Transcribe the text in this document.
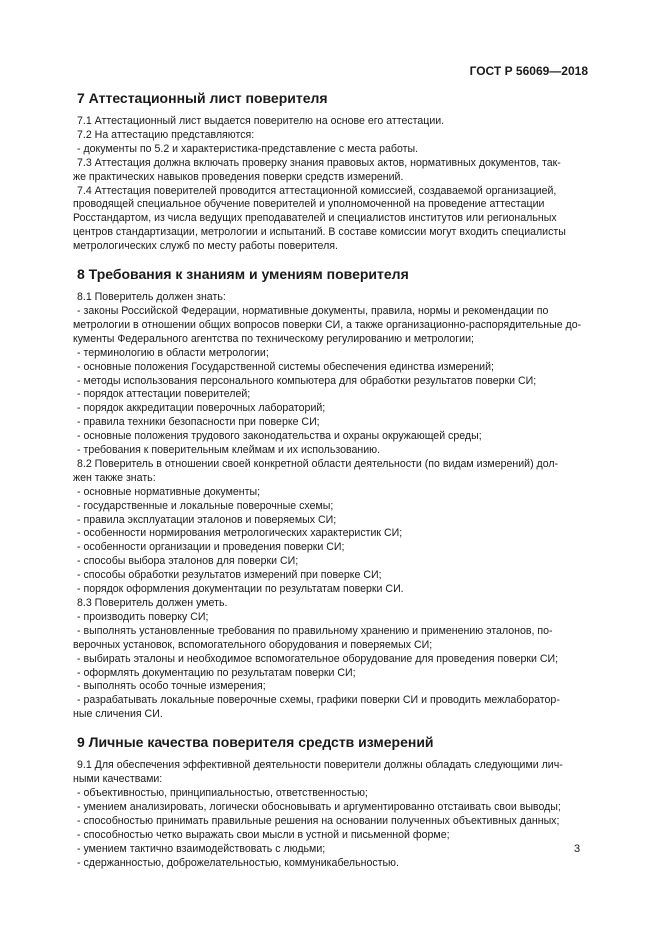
ГОСТ Р 56069—2018
7 Аттестационный лист поверителя
7.1 Аттестационный лист выдается поверителю на основе его аттестации.
7.2 На аттестацию представляются:
- документы по 5.2 и характеристика-представление с места работы.
7.3 Аттестация должна включать проверку знания правовых актов, нормативных документов, так-
же практических навыков проведения поверки средств измерений.
7.4 Аттестация поверителей проводится аттестационной комиссией, создаваемой организацией,
проводящей специальное обучение поверителей и уполномоченной на проведение аттестации
Росстандартом, из числа ведущих преподавателей и специалистов институтов или региональных
центров стандартизации, метрологии и испытаний. В составе комиссии могут входить специалисты
метрологических служб по месту работы поверителя.
8 Требования к знаниям и умениям поверителя
8.1 Поверитель должен знать:
- законы Российской Федерации, нормативные документы, правила, нормы и рекомендации по
метрологии в отношении общих вопросов поверки СИ, а также организационно-распорядительные до-
кументы Федерального агентства по техническому регулированию и метрологии;
- терминологию в области метрологии;
- основные положения Государственной системы обеспечения единства измерений;
- методы использования персонального компьютера для обработки результатов поверки СИ;
- порядок аттестации поверителей;
- порядок аккредитации поверочных лабораторий;
- правила техники безопасности при поверке СИ;
- основные положения трудового законодательства и охраны окружающей среды;
- требования к поверительным клеймам и их использованию.
8.2 Поверитель в отношении своей конкретной области деятельности (по видам измерений) дол-
жен также знать:
- основные нормативные документы;
- государственные и локальные поверочные схемы;
- правила эксплуатации эталонов и поверяемых СИ;
- особенности нормирования метрологических характеристик СИ;
- особенности организации и проведения поверки СИ;
- способы выбора эталонов для поверки СИ;
- способы обработки результатов измерений при поверке СИ;
- порядок оформления документации по результатам поверки СИ.
8.3 Поверитель должен уметь.
- производить поверку СИ;
- выполнять установленные требования по правильному хранению и применению эталонов, по-
верочных установок, вспомогательного оборудования и поверяемых СИ;
- выбирать эталоны и необходимое вспомогательное оборудование для проведения поверки СИ;
- оформлять документацию по результатам поверки СИ;
- выполнять особо точные измерения;
- разрабатывать локальные поверочные схемы, графики поверки СИ и проводить межлаборатор-
ные сличения СИ.
9 Личные качества поверителя средств измерений
9.1 Для обеспечения эффективной деятельности поверители должны обладать следующими лич-
ными качествами:
- объективностью, принципиальностью, ответственностью;
- умением анализировать, логически обосновывать и аргументированно отстаивать свои выводы;
- способностью принимать правильные решения на основании полученных объективных данных;
- способностью четко выражать свои мысли в устной и письменной форме;
- умением тактично взаимодействовать с людьми;
- сдержанностью, доброжелательностью, коммуникабельностью.
3
